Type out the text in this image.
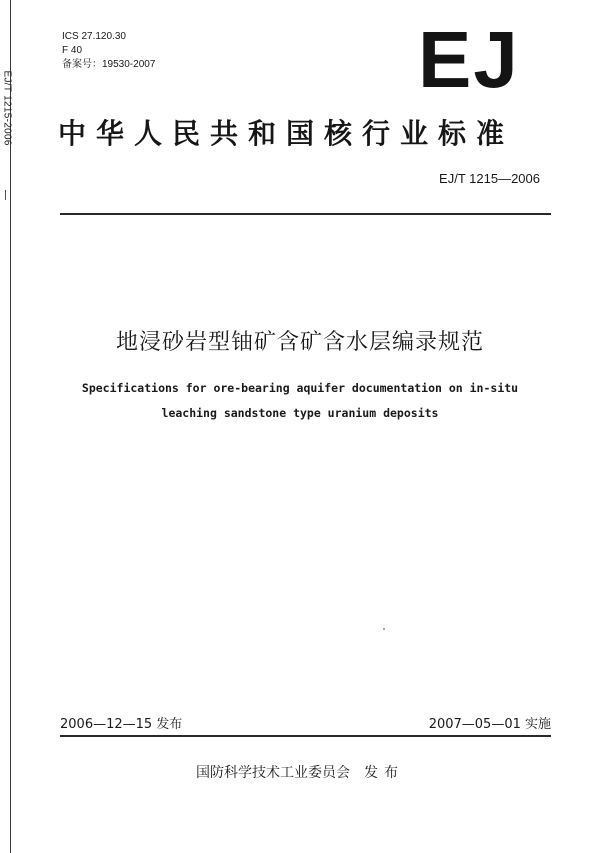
EJ/T 1215-2006
ICS 27.120.30
F 40
备案号：19530-2007	EJ
中华人民共和国核行业标准
EJ/T 1215—2006
地浸砂岩型铀矿含矿含水层编录规范
Specifications for ore-bearing aquifer documentation on in-situ
leaching sandstone type uranium deposits
2006—12—15 发布	2007—05—01 实施
国防科学技术工业委员会 发布
